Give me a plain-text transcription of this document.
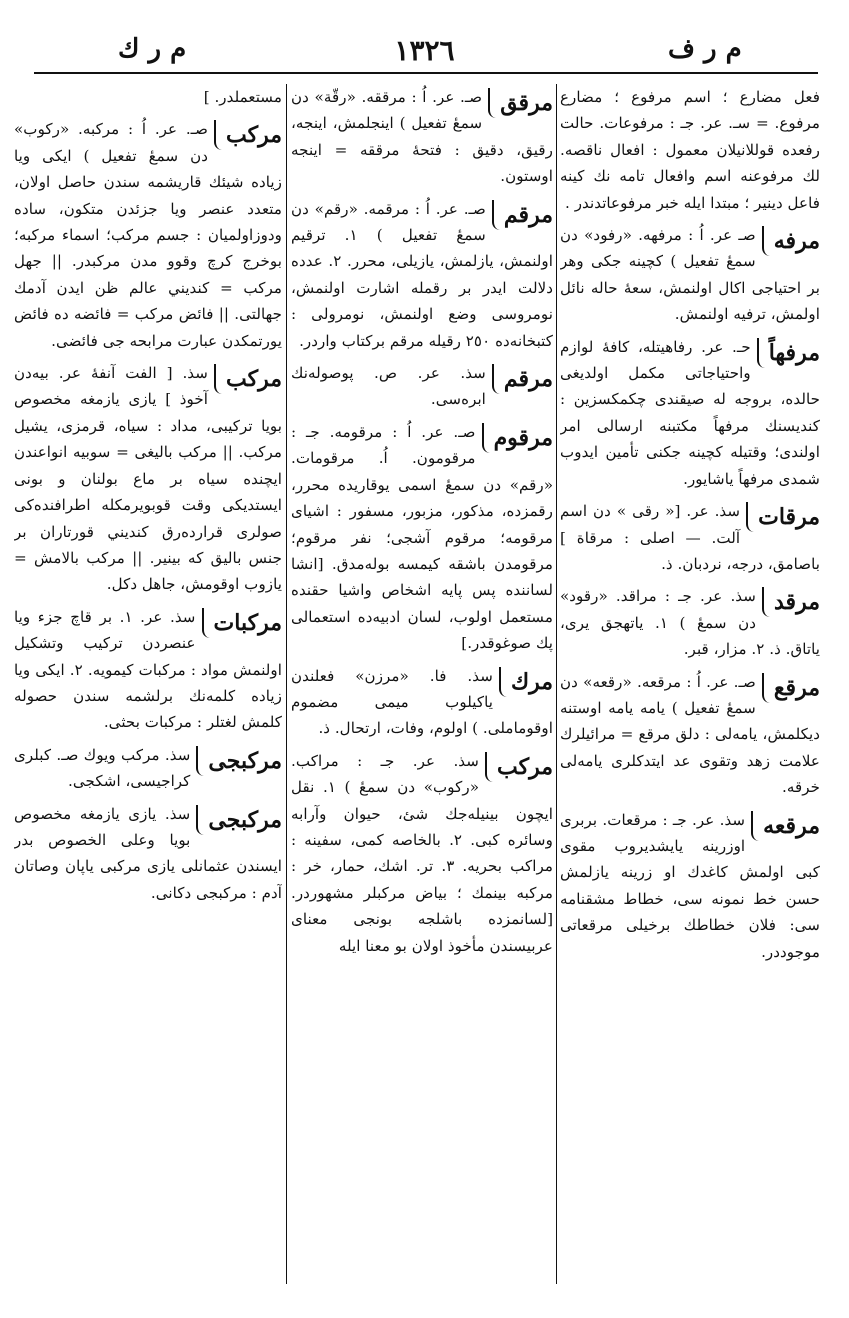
م ر ك	١٣٢٦	م ر ف

فعل مضارع ؛ اسم مرفوع ؛ مضارع مرفوع. = سـ. عر. جـ : مرفوعات. حالت رفعده قوللانيلان معمول : افعال ناقصه. لك مرفوعنه اسم وافعال تامه نك كينه فاعل دينير ؛ مبتدا ايله خبر مرفوعاتدندر .

مرفه

صـ عر. اُ : مرفهه. «رفود» دن سمعٔ تفعيل ) كچينه جكى وهر بر احتياجى اكال اولنمش، سعهٔ حاله نائل اولمش، ترفيه اولنمش.

مرفهاً

حـ. عر. رفاهيتله، كافهٔ لوازم واحتياجاتى مكمل اولديغى حالده، بروجه له صيقندى چكمكسزين : كنديسنك مرفهاً مكتبنه ارسالى امر اولندى؛ وقتيله كچينه جكنى تأمين ايدوب شمدى مرفهاً ياشايور.

مرقات

سذ. عر. [« رقى » دن اسم آلت. — اصلى : مرقاة ] باصامق، درجه، نردبان. ذ.

مرقد

سذ. عر. جـ : مراقد. «رقود» دن سمعٔ ) ١. ياتهجق يرى، ياتاق. ذ. ٢. مزار، قبر.

مرقع

صـ. عر. اُ : مرقعه. «رقعه» دن سمعٔ تفعيل ) يامه يامه اوستنه ديكلمش، يامه‌لى : دلق مرقع = مرائيلرك علامت زهد وتقوى عد ايتدكلرى يامه‌لى خرقه.

مرقعه

سذ. عر. جـ : مرقعات. بربرى اوزرينه يايشديروب مقوى كبى اولمش كاغدك او زرينه يازلمش حسن خط نمونه سى، خطاط مشقنامه سى: فلان خطاطك برخيلى مرقعاتى موجوددر.

مرقق

صـ. عر. اُ : مرققه. «رقّة» دن سمعٔ تفعيل ) اينجلمش، اينجه، رقيق، دقيق : فتحهٔ مرققه = اينجه اوستون.

مرقم

صـ. عر. اُ : مرقمه. «رقم» دن سمعٔ تفعيل ) ١. ترقيم اولنمش، يازلمش، يازيلى، محرر. ٢. عدده دلالت ايدر بر رقمله اشارت اولنمش، نومروسى وضع اولنمش، نومرولى : كتبخانه‌ده ٢٥٠ رقيله مرقم بركتاب واردر.

مرقم

سذ. عر. ص. پوصوله‌نك ابره‌سى.

مرقوم

صـ. عر. اُ : مرقومه. جـ : مرقومون. اُ. مرقومات. «رقم» دن سمعٔ اسمى يوقاريده محرر، رقمزده، مذكور، مزبور، مسفور : اشياى مرقومه؛ مرقوم آشجى؛ نفر مرقوم؛ مرقومدن باشقه كيمسه بوله‌مدق. [انشا لساننده پس پايه اشخاص واشيا حقنده مستعمل اولوب، لسان ادبيه‌ده استعمالى پك صوغوقدر.]

مرك

سذ. فا. «مرزن» فعلندن ياكيلوب ميمى مضموم اوقوماملى. ) اولوم، وفات، ارتحال. ذ.

مركب

سذ. عر. جـ : مراكب. «ركوب» دن سمعٔ ) ١. نقل ايچون بينيله‌جك شئ، حيوان وآرابه وسائره كبى. ٢. بالخاصه كمى، سفينه : مراكب بحريه. ٣. تر. اشك، حمار، خر : مركبه بينمك ؛ بياض مركبلر مشهوردر. [لسانمزده باشلجه بونجى معناى عربيسندن مأخوذ اولان بو معنا ايله

مستعملدر. ]

مركب

صـ. عر. اُ : مركبه. «ركوب» دن سمعٔ تفعيل ) ايكى ويا زياده شيئك قاريشمه سندن حاصل اولان، متعدد عنصر ويا جزئدن متكون، ساده ودوزاولميان : جسم مركب؛ اسماء مركبه؛ بوخرج كرچ وقوو مدن مركبدر. || جهل مركب = كنديني عالم ظن ايدن آدمك جهالتى. || فائض مركب = فائضه ده فائض يورتمكدن عبارت مرابحه جى فائضى.

مركب

سذ. [ الفت آنفهٔ عر. بيه‌دن آخوذ ] يازى يازمغه مخصوص بويا تركيبى، مداد : سياه، قرمزى، يشيل مركب. || مركب باليغى = سوبيه انواعندن ايچنده سياه بر ماع بولنان و بونى ايستديكى وقت قوبويرمكله اطرافنده‌كى صولرى قرارده‌رق كنديني قورتاران بر جنس باليق كه بينير. || مركب بالامش = يازوب اوقومش، جاهل دكل.

مركبات

سذ. عر. ١. بر قاچ جزء ويا عنصردن تركيب وتشكيل اولنمش مواد : مركبات كيمويه. ٢. ايكى ويا زياده كلمه‌نك برلشمه سندن حصوله كلمش لغتلر : مركبات بحثى.

مركبجى

سذ. مركب ويوك صـ. كبلرى كراجيسى، اشكجى.

مركبجى

سذ. يازى يازمغه مخصوص بويا وعلى الخصوص بدر ايسندن عثمانلى يازى مركبى ياپان وصاتان آدم : مركبجى دكانى.
